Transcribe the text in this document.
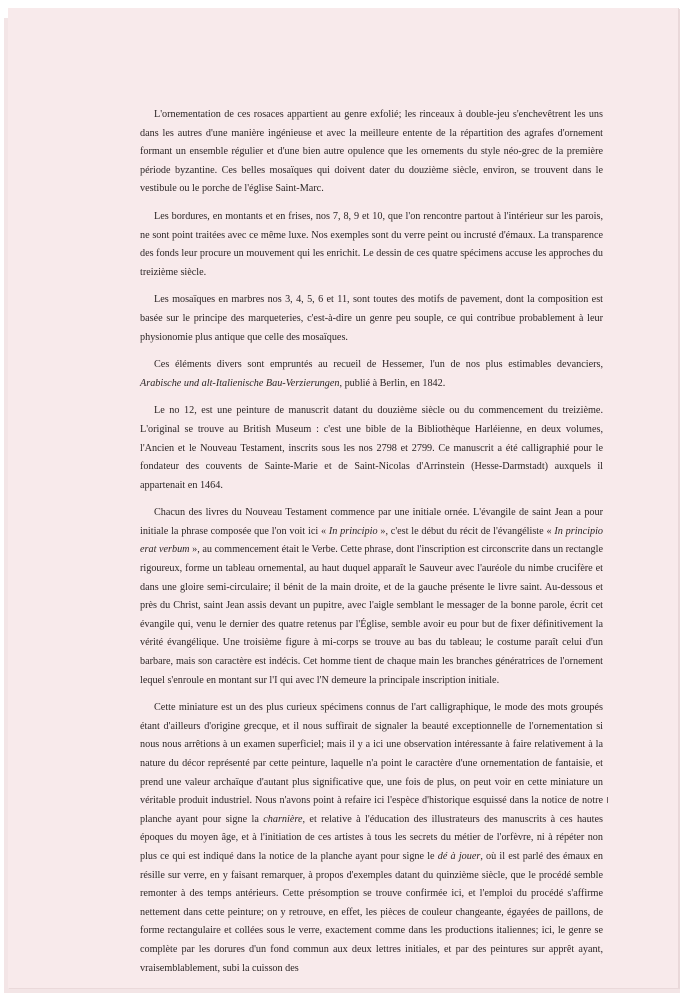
L'ornementation de ces rosaces appartient au genre exfolié; les rinceaux à double-jeu s'enchevêtrent les uns dans les autres d'une manière ingénieuse et avec la meilleure entente de la répartition des agrafes d'ornement formant un ensemble régulier et d'une bien autre opulence que les ornements du style néo-grec de la première période byzantine. Ces belles mosaïques qui doivent dater du douzième siècle, environ, se trouvent dans le vestibule ou le porche de l'église Saint-Marc.

Les bordures, en montants et en frises, nos 7, 8, 9 et 10, que l'on rencontre partout à l'intérieur sur les parois, ne sont point traitées avec ce même luxe. Nos exemples sont du verre peint ou incrusté d'émaux. La transparence des fonds leur procure un mouvement qui les enrichit. Le dessin de ces quatre spécimens accuse les approches du treizième siècle.

Les mosaïques en marbres nos 3, 4, 5, 6 et 11, sont toutes des motifs de pavement, dont la composition est basée sur le principe des marqueteries, c'est-à-dire un genre peu souple, ce qui contribue probablement à leur physionomie plus antique que celle des mosaïques.

Ces éléments divers sont empruntés au recueil de Hessemer, l'un de nos plus estimables devanciers, Arabische und alt-Italienische Bau-Verzierungen, publié à Berlin, en 1842.

Le no 12, est une peinture de manuscrit datant du douzième siècle ou du commencement du treizième. L'original se trouve au British Museum : c'est une bible de la Bibliothèque Harléienne, en deux volumes, l'Ancien et le Nouveau Testament, inscrits sous les nos 2798 et 2799. Ce manuscrit a été calligraphié pour le fondateur des couvents de Sainte-Marie et de Saint-Nicolas d'Arrinstein (Hesse-Darmstadt) auxquels il appartenait en 1464.

Chacun des livres du Nouveau Testament commence par une initiale ornée. L'évangile de saint Jean a pour initiale la phrase composée que l'on voit ici « In principio », c'est le début du récit de l'évangéliste « In principio erat verbum », au commencement était le Verbe. Cette phrase, dont l'inscription est circonscrite dans un rectangle rigoureux, forme un tableau ornemental, au haut duquel apparaît le Sauveur avec l'auréole du nimbe crucifère et dans une gloire semi-circulaire; il bénit de la main droite, et de la gauche présente le livre saint. Au-dessous et près du Christ, saint Jean assis devant un pupitre, avec l'aigle semblant le messager de la bonne parole, écrit cet évangile qui, venu le dernier des quatre retenus par l'Église, semble avoir eu pour but de fixer définitivement la vérité évangélique. Une troisième figure à mi-corps se trouve au bas du tableau; le costume paraît celui d'un barbare, mais son caractère est indécis. Cet homme tient de chaque main les branches génératrices de l'ornement lequel s'enroule en montant sur l'I qui avec l'N demeure la principale inscription initiale.

Cette miniature est un des plus curieux spécimens connus de l'art calligraphique, le mode des mots groupés étant d'ailleurs d'origine grecque, et il nous suffirait de signaler la beauté exceptionnelle de l'ornementation si nous nous arrêtions à un examen superficiel; mais il y a ici une observation intéressante à faire relativement à la nature du décor représenté par cette peinture, laquelle n'a point le caractère d'une ornementation de fantaisie, et prend une valeur archaïque d'autant plus significative que, une fois de plus, on peut voir en cette miniature un véritable produit industriel. Nous n'avons point à refaire ici l'espèce d'historique esquissé dans la notice de notre planche ayant pour signe la charnière, et relative à l'éducation des illustrateurs des manuscrits à ces hautes époques du moyen âge, et à l'initiation de ces artistes à tous les secrets du métier de l'orfèvre, ni à répéter non plus ce qui est indiqué dans la notice de la planche ayant pour signe le dé à jouer, où il est parlé des émaux en résille sur verre, en y faisant remarquer, à propos d'exemples datant du quinzième siècle, que le procédé semble remonter à des temps antérieurs. Cette présomption se trouve confirmée ici, et l'emploi du procédé s'affirme nettement dans cette peinture; on y retrouve, en effet, les pièces de couleur changeante, égayées de paillons, de forme rectangulaire et collées sous le verre, exactement comme dans les productions italiennes; ici, le genre se complète par les dorures d'un fond commun aux deux lettres initiales, et par des peintures sur apprêt ayant, vraisemblablement, subi la cuisson des
